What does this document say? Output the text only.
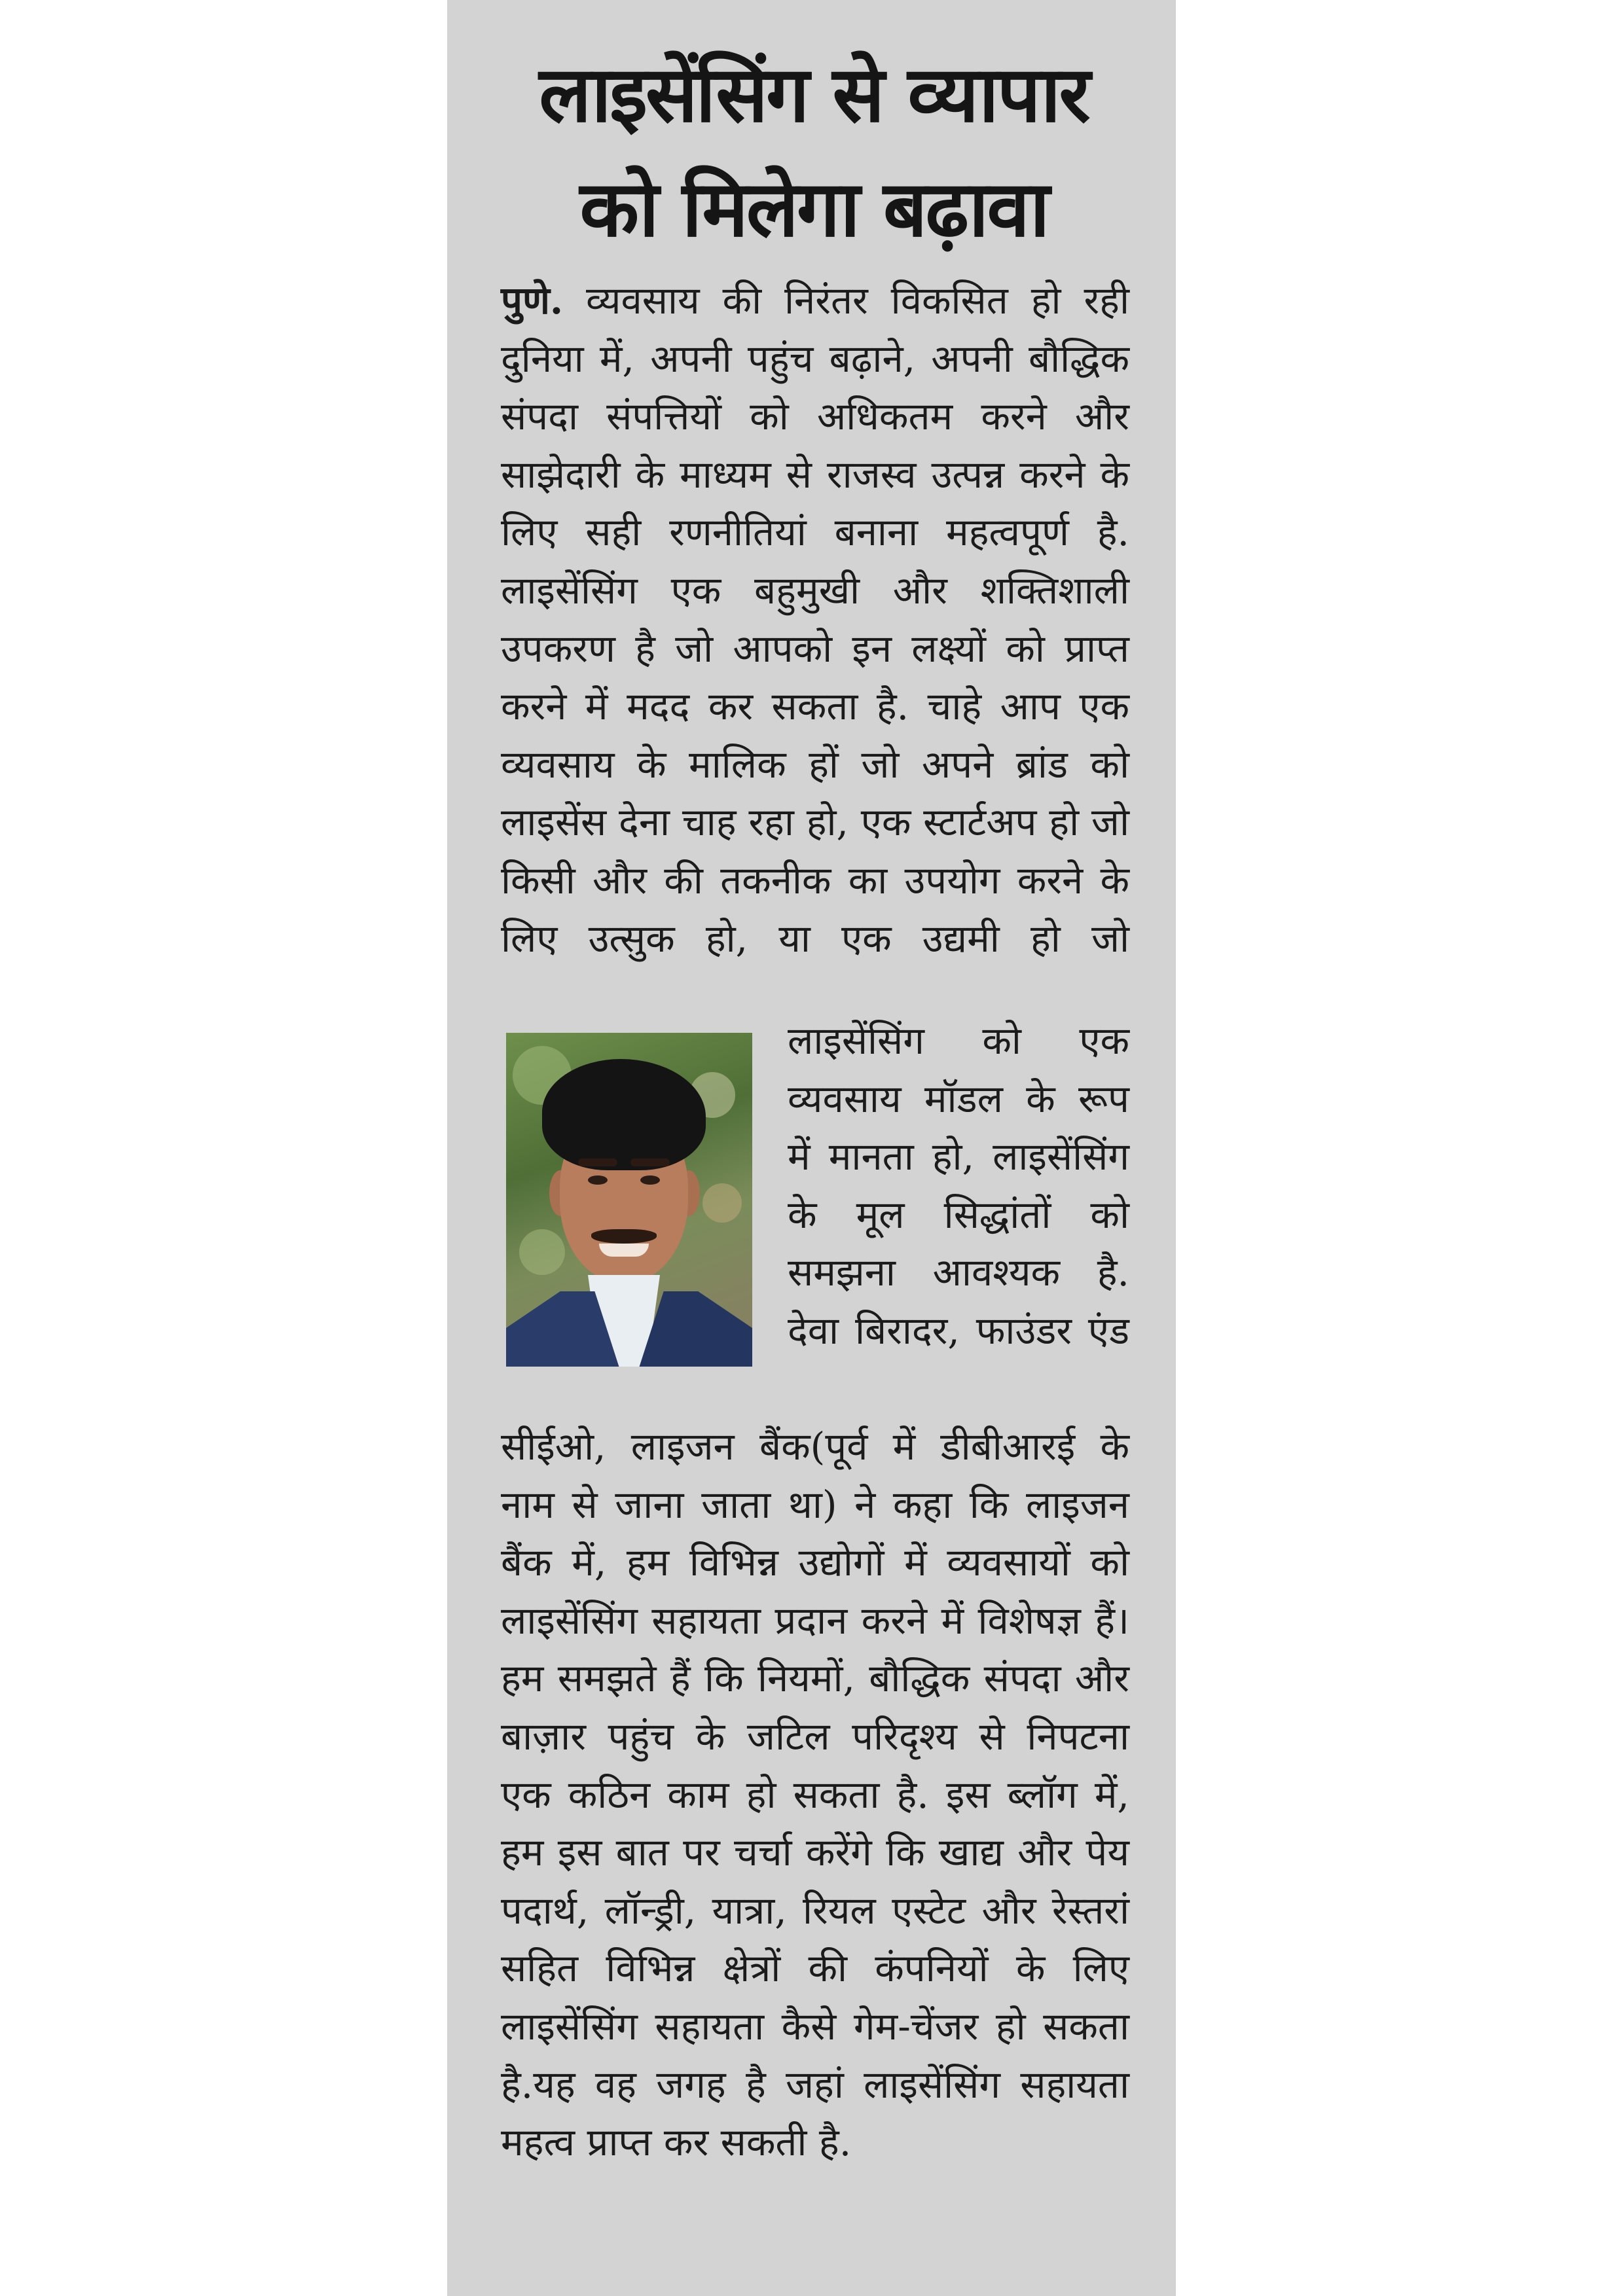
लाइसेंसिंग से व्यापार
को मिलेगा बढ़ावा

पुणे. व्यवसाय की निरंतर विकसित हो रही दुनिया में, अपनी पहुंच बढ़ाने, अपनी बौद्धिक संपदा संपत्तियों को अधिकतम करने और साझेदारी के माध्यम से राजस्व उत्पन्न करने के लिए सही रणनीतियां बनाना महत्वपूर्ण है. लाइसेंसिंग एक बहुमुखी और शक्तिशाली उपकरण है जो आपको इन लक्ष्यों को प्राप्त करने में मदद कर सकता है. चाहे आप एक व्यवसाय के मालिक हों जो अपने ब्रांड को लाइसेंस देना चाह रहा हो, एक स्टार्टअप हो जो किसी और की तकनीक का उपयोग करने के लिए उत्सुक हो, या एक उद्यमी हो जो

लाइसेंसिंग को एक व्यवसाय मॉडल के रूप में मानता हो, लाइसेंसिंग के मूल सिद्धांतों को समझना आवश्यक है. देवा बिरादर, फाउंडर एंड

सीईओ, लाइजन बैंक(पूर्व में डीबीआरई के नाम से जाना जाता था) ने कहा कि लाइजन बैंक में, हम विभिन्न उद्योगों में व्यवसायों को लाइसेंसिंग सहायता प्रदान करने में विशेषज्ञ हैं। हम समझते हैं कि नियमों, बौद्धिक संपदा और बाज़ार पहुंच के जटिल परिदृश्य से निपटना एक कठिन काम हो सकता है. इस ब्लॉग में, हम इस बात पर चर्चा करेंगे कि खाद्य और पेय पदार्थ, लॉन्ड्री, यात्रा, रियल एस्टेट और रेस्तरां सहित विभिन्न क्षेत्रों की कंपनियों के लिए लाइसेंसिंग सहायता कैसे गेम-चेंजर हो सकता है.यह वह जगह है जहां लाइसेंसिंग सहायता महत्व प्राप्त कर सकती है.
